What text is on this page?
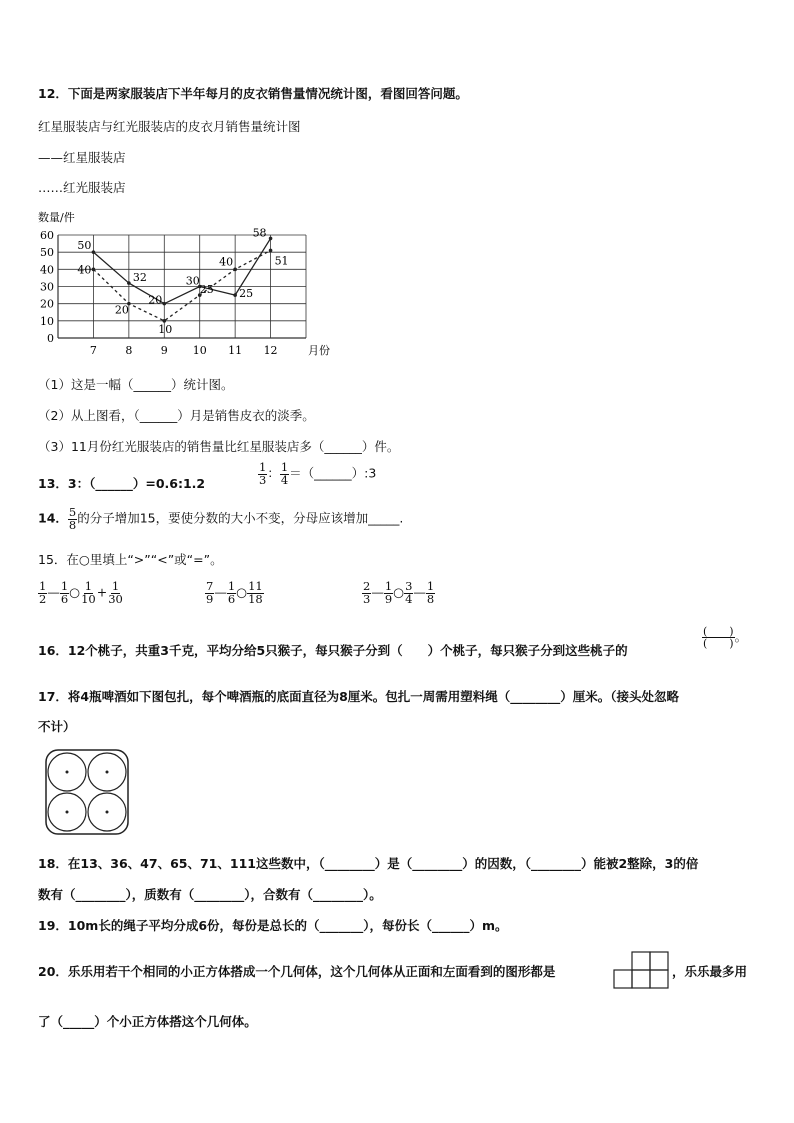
12．下面是两家服装店下半年每月的皮衣销售量情况统计图，看图回答问题。
红星服装店与红光服装店的皮衣月销售量统计图
——红星服装店
……红光服装店
数量/件
0
10
20
30
40
50
60
7	8	9 10 11 12	月份
50
32
20
30
25
58
40
20
10
25
40	51
（1）这是一幅（______）统计图。
（2）从上图看，（______）月是销售皮衣的淡季。
（3）11月份红光服装店的销售量比红星服装店多（______）件。
13．3：（______）=0.6:1.2	$\frac{1}{3}$ ： $\frac{1}{4}$ ＝（______）:3
14． $\frac{5}{8}$ 的分子增加15，要使分数的大小不变，分母应该增加_____.
15．在○里填上“>”“<”或“=”。
$\frac{1}{2}$ — $\frac{1}{6}$ ○ $\frac{1}{10} + \frac{1}{30}$	$\frac{7}{9}$ — $\frac{1}{6}$ ○ $\frac{11}{18}$	$\frac{2}{3}$ — $\frac{1}{9}$ ○ $\frac{3}{4}$ — $\frac{1}{8}$
16．12个桃子，共重3千克，平均分给5只猴子，每只猴子分到（　　）个桃子，每只猴子分到这些桃子的
$\frac{( )}{( )}$ 。
17．将4瓶啤酒如下图包扎，每个啤酒瓶的底面直径为8厘米。包扎一周需用塑料绳（________）厘米。（接头处忽略
不计）
18．在13、36、47、65、71、111这些数中，（________）是（________）的因数，（________）能被2整除，3的倍
数有（________），质数有（________），合数有（________）。
19．10m长的绳子平均分成6份，每份是总长的（_______），每份长（______）m。
20．乐乐用若干个相同的小正方体搭成一个几何体，这个几何体从正面和左面看到的图形都是	，乐乐最多用
了（_____）个小正方体搭这个几何体。
